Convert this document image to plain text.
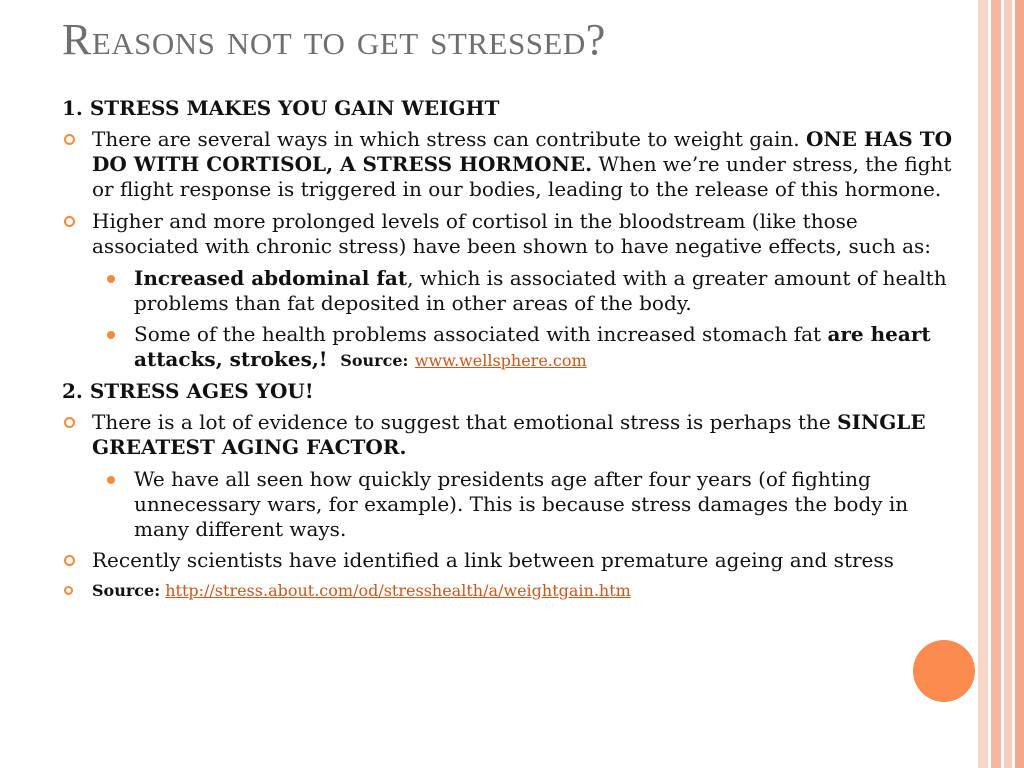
Reasons not to get stressed?
1. STRESS MAKES YOU GAIN WEIGHT
There are several ways in which stress can contribute to weight gain. ONE HAS TO DO WITH CORTISOL, A STRESS HORMONE. When we’re under stress, the fight or flight response is triggered in our bodies, leading to the release of this hormone.
Higher and more prolonged levels of cortisol in the bloodstream (like those associated with chronic stress) have been shown to have negative effects, such as:
Increased abdominal fat, which is associated with a greater amount of health problems than fat deposited in other areas of the body.
Some of the health problems associated with increased stomach fat are heart attacks, strokes,! Source: www.wellsphere.com
2. STRESS AGES YOU!
There is a lot of evidence to suggest that emotional stress is perhaps the SINGLE GREATEST AGING FACTOR.
We have all seen how quickly presidents age after four years (of fighting unnecessary wars, for example). This is because stress damages the body in many different ways.
Recently scientists have identified a link between premature ageing and stress
Source: http://stress.about.com/od/stresshealth/a/weightgain.htm
